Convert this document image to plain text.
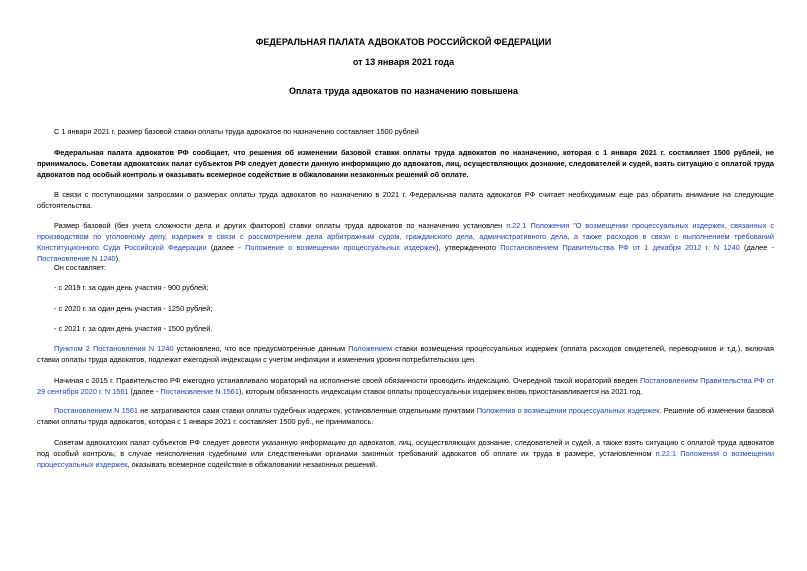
ФЕДЕРАЛЬНАЯ ПАЛАТА АДВОКАТОВ РОССИЙСКОЙ ФЕДЕРАЦИИ
от 13 января 2021 года
Оплата труда адвокатов по назначению повышена

С 1 января 2021 г. размер базовой ставки оплаты труда адвокатов по назначению составляет 1500 рублей

Федеральная палата адвокатов РФ сообщает, что решения об изменении базовой ставки оплаты труда адвокатов по назначению, которая с 1 января 2021 г. составляет 1500 рублей, не принималось. Советам адвокатских палат субъектов РФ следует довести данную информацию до адвокатов, лиц, осуществляющих дознание, следователей и судей, взять ситуацию с оплатой труда адвокатов под особый контроль и оказывать всемерное содействие в обжаловании незаконных решений об оплате.

В связи с поступающими запросами о размерах оплаты труда адвокатов по назначению в 2021 г. Федеральная палата адвокатов РФ считает необходимым еще раз обратить внимание на следующие обстоятельства.

Размер базовой (без учета сложности дела и других факторов) ставки оплаты труда адвокатов по назначению установлен п.22.1 Положения "О возмещении процессуальных издержек, связанных с производством по уголовному делу, издержек в связи с рассмотрением дела арбитражным судом, гражданского дела, административного дела, а также расходов в связи с выполнением требований Конституционного Суда Российской Федерации (далее - Положение о возмещении процессуальных издержек), утвержденного Постановлением Правительства РФ от 1 декабря 2012 г. N 1240 (далее - Постановление N 1240).

Он составляет:

- с 2019 г. за один день участия - 900 рублей;

- с 2020 г. за один день участия - 1250 рублей;

- с 2021 г. за один день участия - 1500 рублей.

Пунктом 2 Постановления N 1240 установлено, что все предусмотренные данным Положением ставки возмещения процессуальных издержек (оплата расходов свидетелей, переводчиков и т.д.), включая ставки оплаты труда адвокатов, подлежат ежегодной индексации с учетом инфляции и изменения уровня потребительских цен.

Начиная с 2015 г. Правительство РФ ежегодно устанавливало мораторий на исполнение своей обязанности проводить индексацию. Очередной такой мораторий введен Постановлением Правительства РФ от 29 сентября 2020 г. N 1561 (далее - Постановление N 1561), которым обязанность индексации ставок оплаты процессуальных издержек вновь приостанавливается на 2021 год.

Постановлением N 1561 не затрагиваются сами ставки оплаты судебных издержек, установленные отдельными пунктами Положения о возмещении процессуальных издержек. Решение об изменении базовой ставки оплаты труда адвокатов, которая с 1 января 2021 г. составляет 1500 руб., не принималось.

Советам адвокатских палат субъектов РФ следует довести указанную информацию до адвокатов, лиц, осуществляющих дознание, следователей и судей, а также взять ситуацию с оплатой труда адвокатов под особый контроль; в случае неисполнения судебными или следственными органами законных требований адвокатов об оплате их труда в размере, установленном п.22.1 Положения о возмещении процессуальных издержек, оказывать всемерное содействие в обжаловании незаконных решений.
